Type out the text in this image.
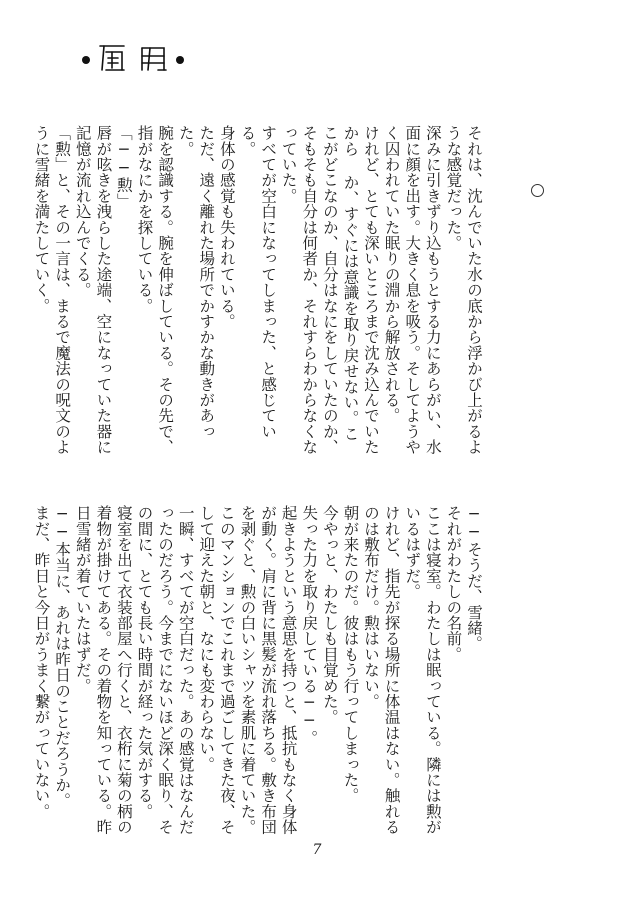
それは、沈んでいた水の底から浮かび上がるような感覚だった。

深みに引きずり込もうとする力にあらがい、水面に顔を出す。大きく息を吸う。そしてようやく囚われていた眠りの淵から解放される。

けれど、とても深いところまで沈み込んでいたから か、すぐには意識を取り戻せない。ここがどこなのか、自分はなにをしていたのか、そもそも自分は何者か、それすらわからなくなっていた。

すべてが空白になってしまった、と感じている。

身体の感覚も失われている。

ただ、遠く離れた場所でかすかな動きがあった。

腕を認識する。腕を伸ばしている。その先で、指がなにかを探している。

「──勲」

唇が呟きを洩らした途端、空になっていた器に記憶が流れ込んでくる。

「勲」と、その一言は、まるで魔法の呪文のように雪緒を満たしていく。

──そうだ、雪緒。

それがわたしの名前。

ここは寝室。わたしは眠っている。隣には勲がいるはずだ。

けれど、指先が探る場所に体温はない。触れるのは敷布だけ。勲はいない。

朝が来たのだ。彼はもう行ってしまった。

今やっと、わたしも目覚めた。

失った力を取り戻している──。

起きようという意思を持つと、抵抗もなく身体が動く。肩に背に黒髪が流れ落ちる。敷き布団を剥ぐと、勲の白いシャツを素肌に着ていた。

このマンションでこれまで過ごしてきた夜、そして迎えた朝と、なにも変わらない。

一瞬、すべてが空白だった。あの感覚はなんだったのだろう。今までにないほど深く眠り、その間に、とても長い時間が経った気がする。

寝室を出て衣装部屋へ行くと、衣桁に菊の柄の着物が掛けてある。その着物を知っている。昨日雪緒が着ていたはずだ。

──本当に、あれは昨日のことだろうか。

まだ、昨日と今日がうまく繋がっていない。

7
